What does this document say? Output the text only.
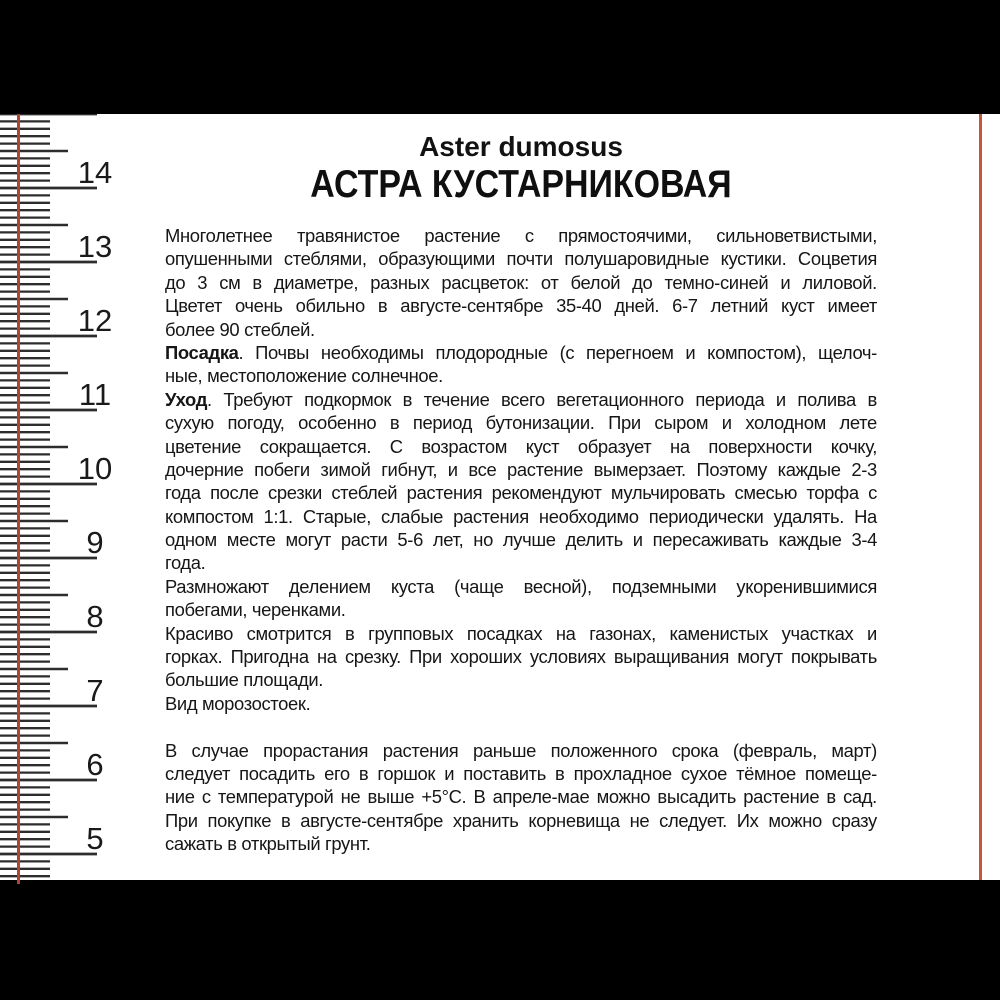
14
13
12
11
10
9
8
7
6
5
Aster dumosus
АСТРА КУСТАРНИКОВАЯ
Многолетнее травянистое растение с прямостоячими, сильноветвистыми,
опушенными стеблями, образующими почти полушаровидные кустики. Соцветия
до 3 см в диаметре, разных расцветок: от белой до темно-синей и лиловой.
Цветет очень обильно в августе-сентябре 35-40 дней. 6-7 летний куст имеет
более 90 стеблей.
Посадка. Почвы необходимы плодородные (с перегноем и компостом), щелоч-
ные, местоположение солнечное.
Уход. Требуют подкормок в течение всего вегетационного периода и полива в
сухую погоду, особенно в период бутонизации. При сыром и холодном лете
цветение сокращается. С возрастом куст образует на поверхности кочку,
дочерние побеги зимой гибнут, и все растение вымерзает. Поэтому каждые 2-3
года после срезки стеблей растения рекомендуют мульчировать смесью торфа с
компостом 1:1. Старые, слабые растения необходимо периодически удалять. На
одном месте могут расти 5-6 лет, но лучше делить и пересаживать каждые 3-4
года.
Размножают делением куста (чаще весной), подземными укоренившимися
побегами, черенками.
Красиво смотрится в групповых посадках на газонах, каменистых участках и
горках. Пригодна на срезку. При хороших условиях выращивания могут покрывать
большие площади.
Вид морозостоек.
В случае прорастания растения раньше положенного срока (февраль, март)
следует посадить его в горшок и поставить в прохладное сухое тёмное помеще-
ние с температурой не выше +5°С. В апреле-мае можно высадить растение в сад.
При покупке в августе-сентябре хранить корневища не следует. Их можно сразу
сажать в открытый грунт.
